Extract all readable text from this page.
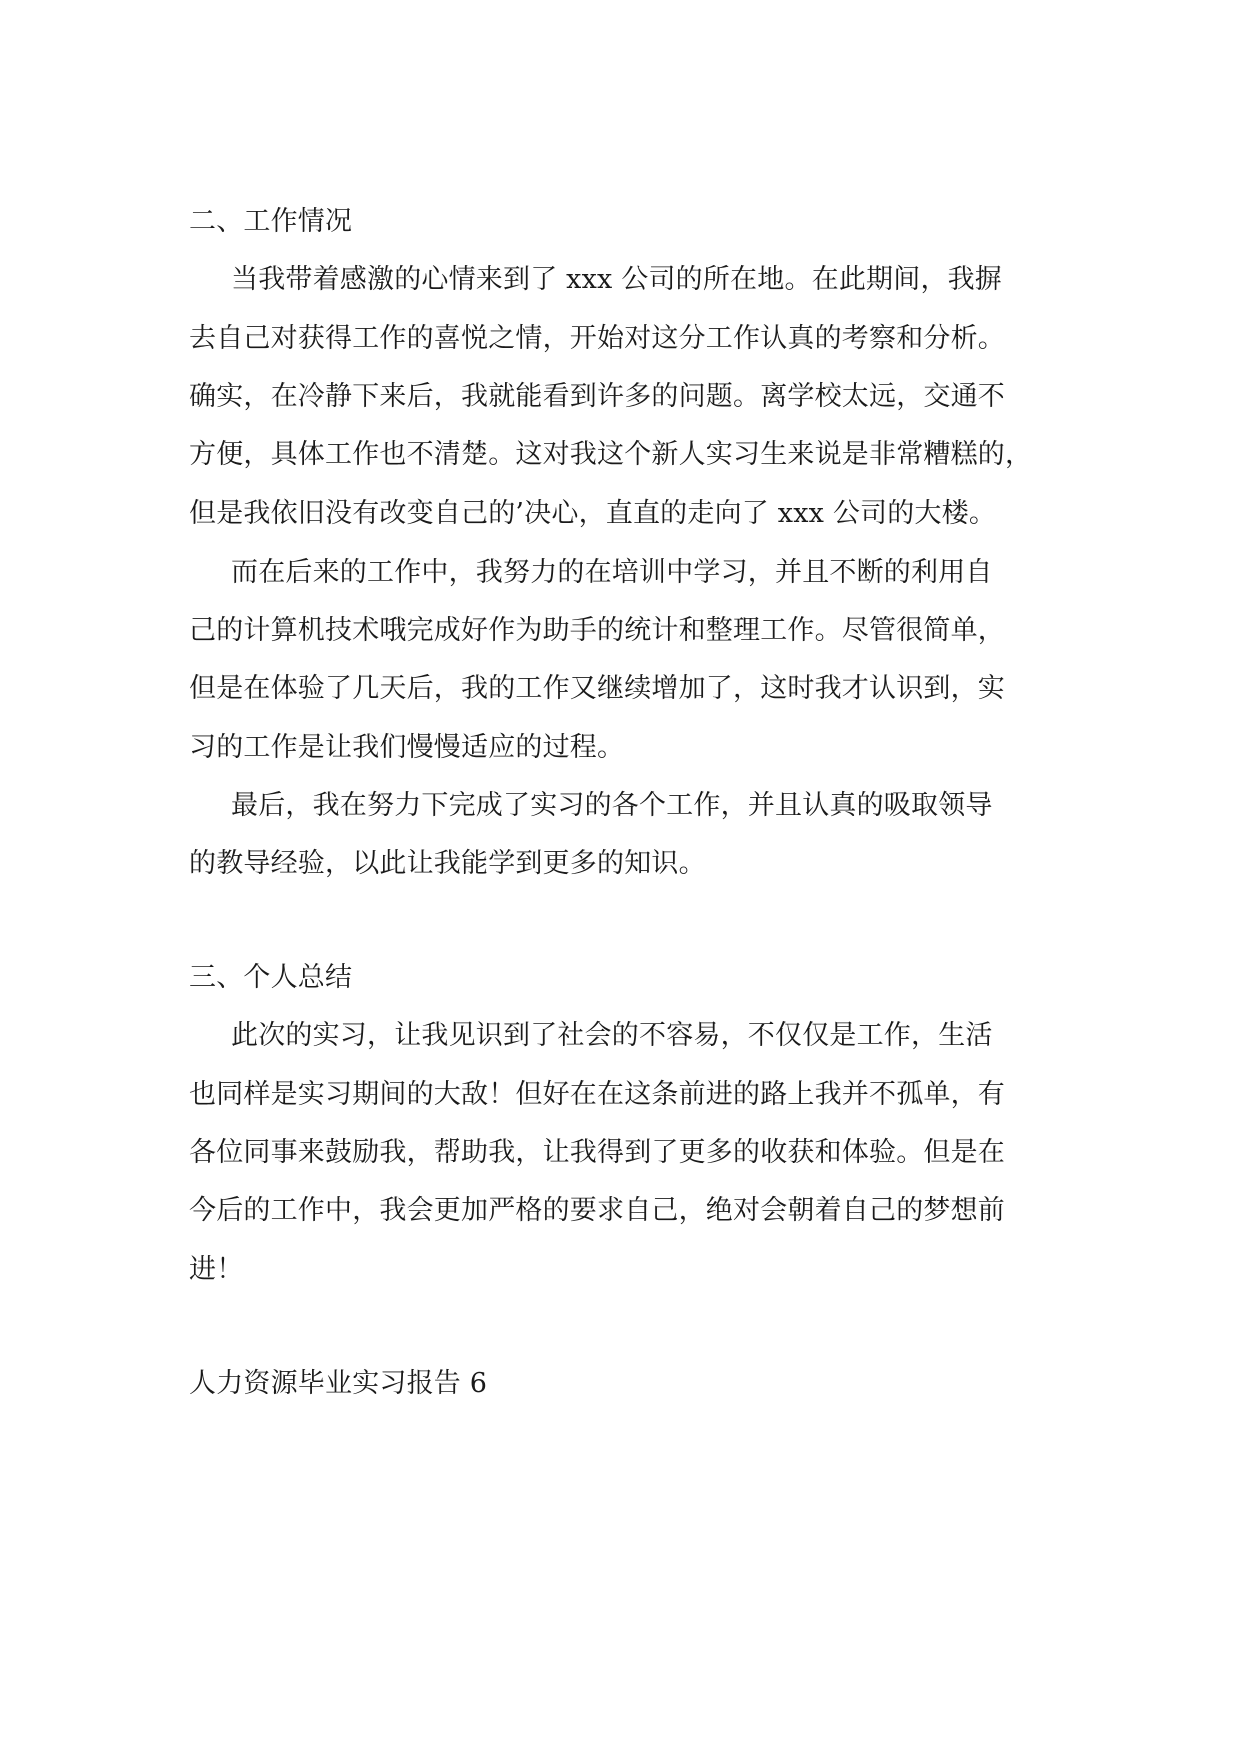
二、工作情况
当我带着感激的心情来到了 xxx 公司的所在地。在此期间，我摒
去自己对获得工作的喜悦之情，开始对这分工作认真的考察和分析。
确实，在冷静下来后，我就能看到许多的问题。离学校太远，交通不
方便，具体工作也不清楚。这对我这个新人实习生来说是非常糟糕的，
但是我依旧没有改变自己的’决心，直直的走向了 xxx 公司的大楼。
而在后来的工作中，我努力的在培训中学习，并且不断的利用自
己的计算机技术哦完成好作为助手的统计和整理工作。尽管很简单，
但是在体验了几天后，我的工作又继续增加了，这时我才认识到，实
习的工作是让我们慢慢适应的过程。
最后，我在努力下完成了实习的各个工作，并且认真的吸取领导
的教导经验，以此让我能学到更多的知识。
三、个人总结
此次的实习，让我见识到了社会的不容易，不仅仅是工作，生活
也同样是实习期间的大敌！但好在在这条前进的路上我并不孤单，有
各位同事来鼓励我，帮助我，让我得到了更多的收获和体验。但是在
今后的工作中，我会更加严格的要求自己，绝对会朝着自己的梦想前
进！
人力资源毕业实习报告 6
